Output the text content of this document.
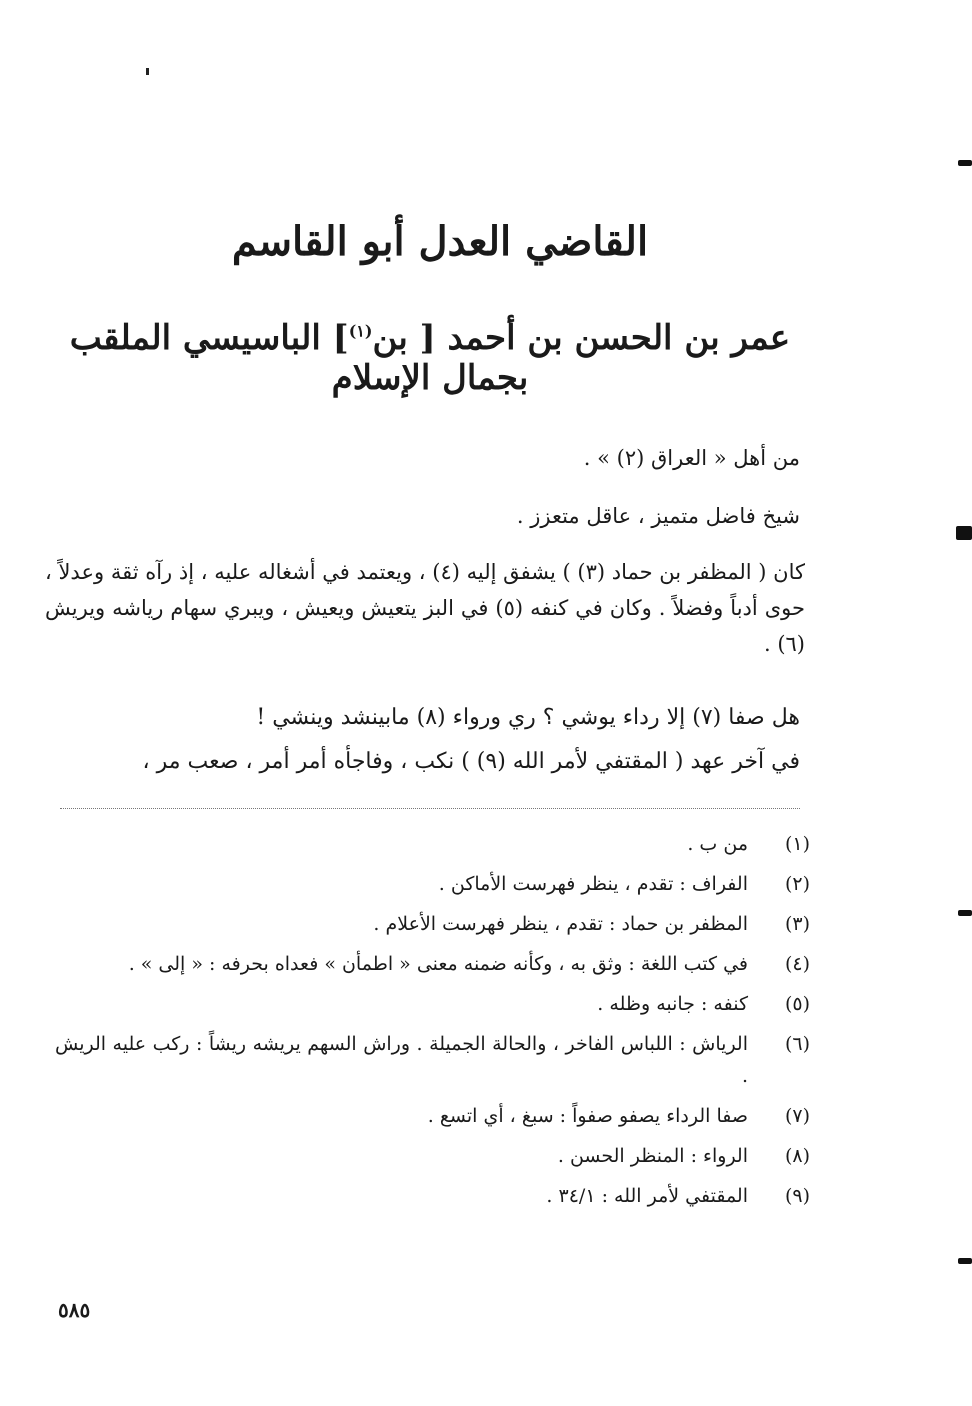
القاضي العدل أبو القاسم
عمر بن الحسن بن أحمد [ بن$^{(١)}$] الباسيسي الملقب بجمال الإسلام
من أهل « العراق (٢) » .
شيخ فاضل متميز ، عاقل متعزز .
كان ( المظفر بن حماد (٣) ) يشفق إليه (٤) ، ويعتمد في أشغاله عليه ، إذ رآه ثقة وعدلاً ، حوى أدباً وفضلاً . وكان في كنفه (٥) في البز يتعيش ويعيش ، ويبري سهام رياشه ويريش (٦) .
هل صفا (٧) إلا رداء يوشي ؟ ري ورواء (٨) مابينشد وينشي !
في آخر عهد ( المقتفي لأمر الله (٩) ) نكب ، وفاجأه أمر أمر ، صعب مر ،
(١)
من ب .
(٢)
الفراف : تقدم ، ينظر فهرست الأماكن .
(٣)
المظفر بن حماد : تقدم ، ينظر فهرست الأعلام .
(٤)
في كتب اللغة : وثق به ، وكأنه ضمنه معنى « اطمأن » فعداه بحرفه : « إلى » .
(٥)
كنفه : جانبه وظله .
(٦)
الرياش : اللباس الفاخر ، والحالة الجميلة . وراش السهم يريشه ريشاً : ركب عليه الريش .
(٧)
صفا الرداء يصفو صفواً : سبغ ، أي اتسع .
(٨)
الرواء : المنظر الحسن .
(٩)
المقتفي لأمر الله : ٣٤/١ .
٥٨٥
